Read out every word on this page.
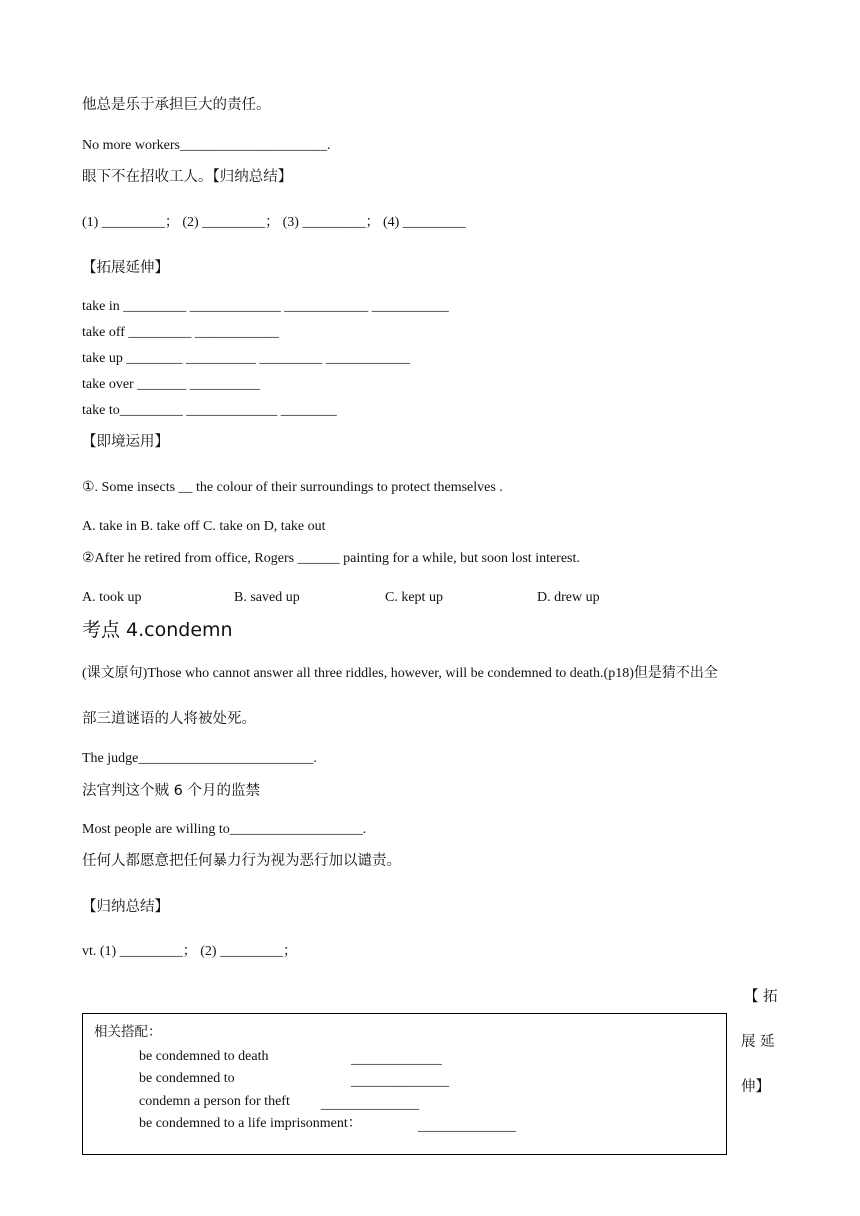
他总是乐于承担巨大的责任。
No more workers_____________________.
眼下不在招收工人。【归纳总结】
(1) _________； (2) _________； (3) _________； (4) _________
【拓展延伸】
take in _________ _____________ ____________ ___________
take off _________ ____________
take up ________ __________ _________ ____________
take over _______ __________
take to_________ _____________ ________
【即境运用】
①. Some insects __ the colour of their surroundings to protect themselves .
A. take in B. take off C. take on D, take out
②After he retired from office, Rogers ______ painting for a while, but soon lost interest.
A. took up	B. saved up	C. kept up	D. drew up
考点 4.condemn
(课文原句)Those who cannot answer all three riddles, however, will be condemned to death.(p18)但是猜不出全
部三道谜语的人将被处死。
The judge_________________________.
法官判这个贼 6 个月的监禁
Most people are willing to___________________.
任何人都愿意把任何暴力行为视为恶行加以谴责。
【归纳总结】
vt. (1) _________； (2) _________；
【 拓
展 延
伸】
相关搭配：
be condemned to death	_____________
be condemned to	______________
condemn a person for theft ______________
be condemned to a life imprisonment：	______________
